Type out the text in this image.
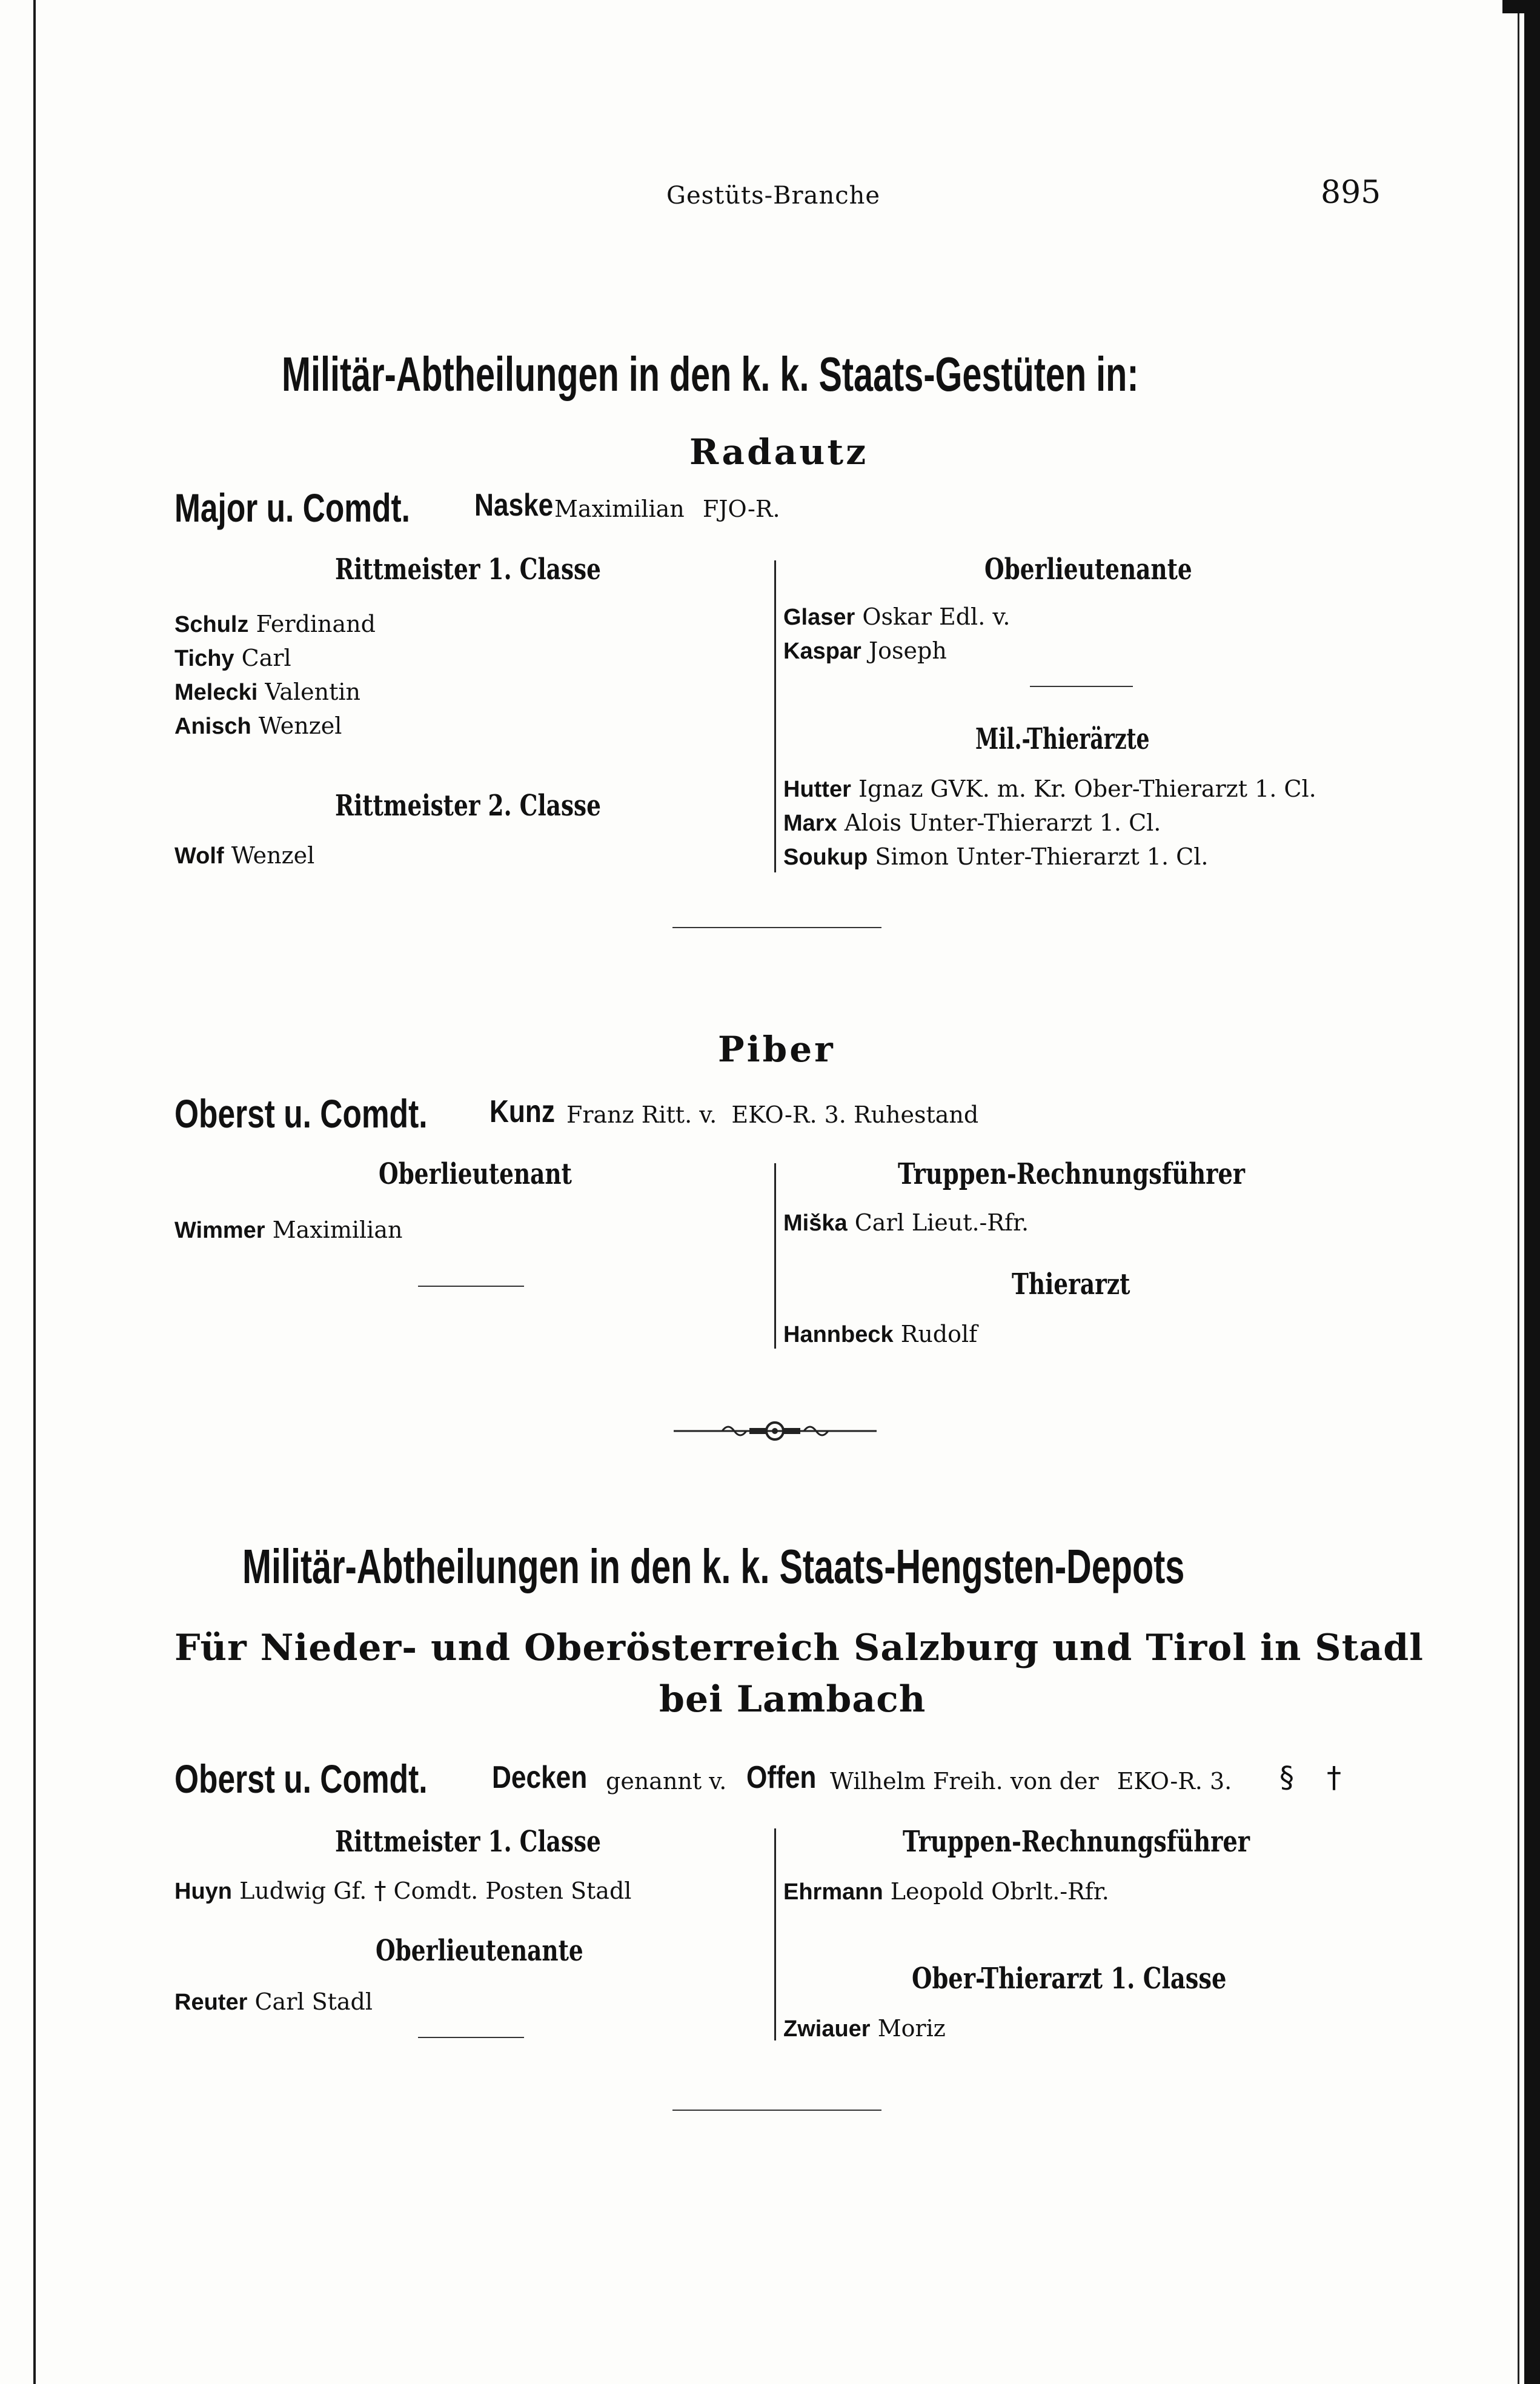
Gestüts-Branche	895
Militär-Abtheilungen in den k. k. Staats-Gestüten in:
Radautz
Major u. Comdt.	Naske Maximilian FJO-R.
Rittmeister 1. Classe
Schulz Ferdinand
Tichy Carl
Melecki Valentin
Anisch Wenzel
Rittmeister 2. Classe
Wolf Wenzel
Oberlieutenante
Glaser Oskar Edl. v.
Kaspar Joseph
Mil.-Thierärzte
Hutter Ignaz GVK. m. Kr. Ober-Thierarzt 1. Cl.
Marx Alois Unter-Thierarzt 1. Cl.
Soukup Simon Unter-Thierarzt 1. Cl.
Piber
Oberst u. Comdt.	Kunz Franz Ritt. v. EKO-R. 3. Ruhestand
Oberlieutenant
Wimmer Maximilian
Truppen-Rechnungsführer
Miška Carl Lieut.-Rfr.
Thierarzt
Hannbeck Rudolf
Militär-Abtheilungen in den k. k. Staats-Hengsten-Depots
Für Nieder- und Oberösterreich Salzburg und Tirol in Stadl
bei Lambach
Oberst u. Comdt.	Decken genannt v. Offen Wilhelm Freih. von der EKO-R. 3. § †
Rittmeister 1. Classe
Huyn Ludwig Gf. † Comdt. Posten Stadl
Oberlieutenante
Reuter Carl Stadl
Truppen-Rechnungsführer
Ehrmann Leopold Obrlt.-Rfr.
Ober-Thierarzt 1. Classe
Zwiauer Moriz
